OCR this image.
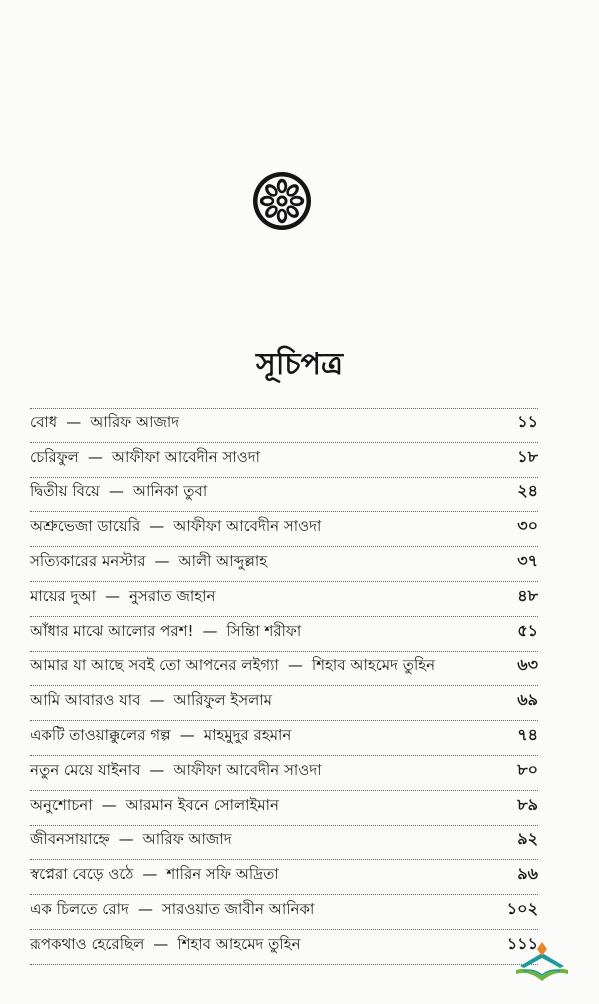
সূচিপত্র
বোধ — আরিফ আজাদ	১১
চেরিফুল — আফীফা আবেদীন সাওদা	১৮
দ্বিতীয় বিয়ে — আনিকা তুবা	২৪
অশ্রুভেজা ডায়েরি — আফীফা আবেদীন সাওদা	৩০
সত্যিকারের মনস্টার — আলী আব্দুল্লাহ	৩৭
মায়ের দুআ — নুসরাত জাহান	৪৮
আঁধার মাঝে আলোর পরশ! — সিন্তিা শরীফা	৫১
আমার যা আছে সবই তো আপনের লইগ্যা — শিহাব আহমেদ তুহিন	৬৩
আমি আবারও যাব — আরিফুল ইসলাম	৬৯
একটি তাওয়াক্কুলের গল্প — মাহমুদুর রহমান	৭৪
নতুন মেয়ে যাইনাব — আফীফা আবেদীন সাওদা	৮০
অনুশোচনা — আরমান ইবনে সোলাইমান	৮৯
জীবনসায়াহ্নে — আরিফ আজাদ	৯২
স্বপ্নেরা বেড়ে ওঠে — শারিন সফি অদ্রিতা	৯৬
এক চিলতে রোদ — সারওয়াত জাবীন আনিকা	১০২
রূপকথাও হেরেছিল — শিহাব আহমেদ তুহিন	১১১
